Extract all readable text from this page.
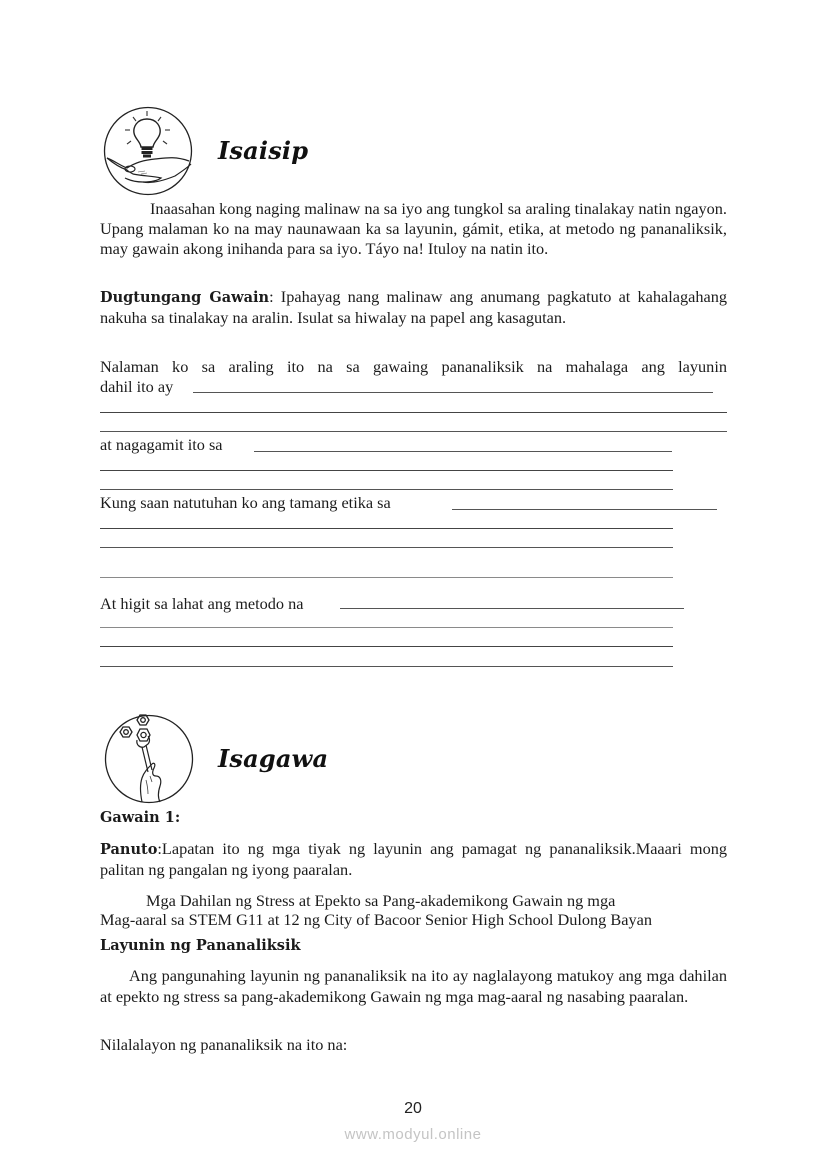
Isaisip
Inaasahan kong naging malinaw na sa iyo ang tungkol sa araling tinalakay natin ngayon. Upang malaman ko na may naunawaan ka sa layunin, gámit, etika, at metodo ng pananaliksik, may gawain akong inihanda para sa iyo. Táyo na! Ituloy na natin ito.
Dugtungang Gawain: Ipahayag nang malinaw ang anumang pagkatuto at kahalagahang nakuha sa tinalakay na aralin. Isulat sa hiwalay na papel ang kasagutan.
Nalaman ko sa araling ito na sa gawaing pananaliksik na mahalaga ang layunin
dahil ito ay
at nagagamit ito sa
Kung saan natutuhan ko ang tamang etika sa
At higit sa lahat ang metodo na
Isagawa
Gawain 1:
Panuto:Lapatan ito ng mga tiyak ng layunin ang pamagat ng pananaliksik.Maaari mong palitan ng pangalan ng iyong paaralan.
Mga Dahilan ng Stress at Epekto sa Pang-akademikong Gawain ng mga
Mag-aaral sa STEM G11 at 12 ng City of Bacoor Senior High School Dulong Bayan
Layunin ng Pananaliksik
Ang pangunahing layunin ng pananaliksik na ito ay naglalayong matukoy ang mga dahilan at epekto ng stress sa pang-akademikong Gawain ng mga mag-aaral ng nasabing paaralan.
Nilalalayon ng pananaliksik na ito na:
20
www.modyul.online
